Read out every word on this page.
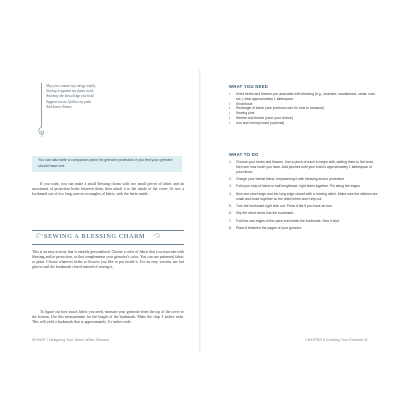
May you contain my energy safely,
Storing it against my future need,
And may the knowledge you hold
Support me as I follow my path
And honor Nature.
You can also write a companion piece for grimoire protection if you feel your grimoire should have one.
If you want, you can make a small blessing charm with two small pieces of fabric and an assortment of protection herbs between them, then attach it to the inside of the cover. Or sew a bookmark out of two long, narrow rectangles of fabric, with the herbs inside.
SEWING A BLESSING CHARM
This is an easy activity that is entirely personalized. Choose a color of fabric that you associate with blessing and/or protection, or that complements your grimoire's color. You can use patterned fabric or plain. Choose whatever herbs or flowers you like to put inside it. For an easy version, use hot glue to seal the bookmark closed instead of sewing it.
To figure out how much fabric you need, measure your grimoire from the top of the cover to the bottom. Use this measurement for the length of the bookmark. Make the strip 3 inches wide. This will yield a bookmark that is approximately 1¼ inches wide.
90 PART I Designing Your Green Witch Grimoire
WHAT YOU NEED
• Dried herbs and flowers you associate with blessing (e.g., lavender, sandalwood, cedar, rose, etc.), total approximately 1 tablespoon
• Small bowl
• Rectangle of fabric (see previous note for how to measure)
• Sewing pins
• Needle and thread (color your choice)
• Iron and ironing board (optional)
WHAT TO DO
1. Choose your herbs and flowers. Use a pinch of each to begin with, adding them to the bowl, then see how much you have. Add pinches until your total is approximately 1 tablespoon of your blend.
2. Charge your herbal blend, empowering it with blessing and/or protection.
3. Fold your strip of fabric in half lengthwise, right sides together. Pin along the edges.
4. Sew one short edge and the long edge closed with a running stitch. Make sure the stitches are small and close together so the dried herbs won't slip out.
5. Turn the bookmark right side out. Press it flat if you have an iron.
6. Slip the dried herbs into the bookmark.
7. Fold the raw edges of the open end inside the bookmark. Sew it shut.
8. Place it between the pages of your grimoire.
CHAPTER 5 Creating Your Grimoire 91
